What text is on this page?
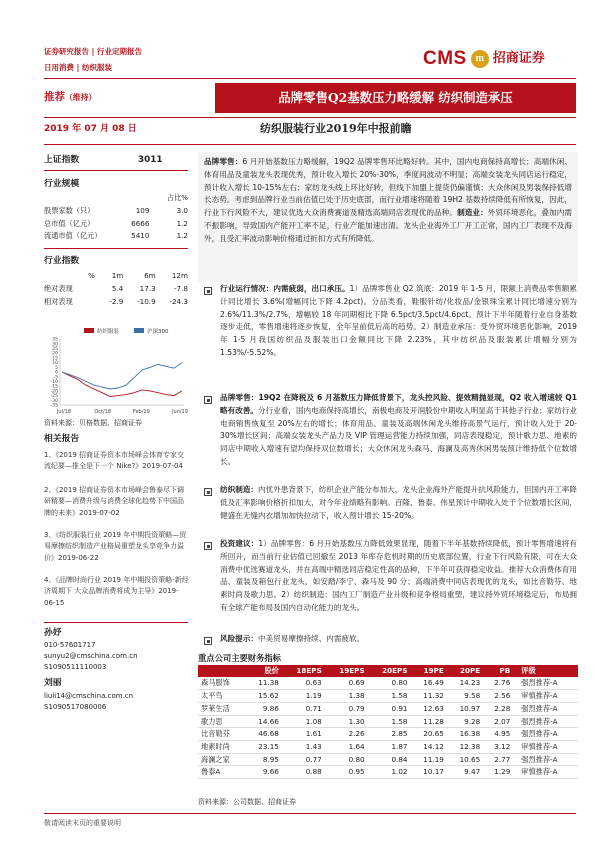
证券研究报告 | 行业定期报告
日用消费 | 纺织服装	CMS m 招商证券
推荐（维持）	品牌零售Q2基数压力略缓解 纺织制造承压
2019 年 07 月 08 日	纺织服装行业2019年中报前瞻
上证指数	3011
行业规模
		占比%
股票家数（只）	109	3.0
总市值（亿元）	6666	1.2
流通市值（亿元）	5410	1.2
行业指数
%	1m	6m	12m
绝对表现	5.4	17.3	-7.8
相对表现	-2.9	-10.9	-24.3
纺织服装	沪深300
35
30
25
20
15
10
5
0
-5
-10
-15
-20
-25
-30
-35
Jul/18	Oct/18	Feb/19	Jun/19
资料来源：贝格数据、招商证券
相关报告
1、《2019 招商证券资本市场峰会体育专家交流纪要—推全是下一个 Nike?》2019-07-04
2、《2019 招商证券资本市场峰会鲁泰尽下调研精要—消费升级与消费全球化趋势下中国品牌的未来》2019-07-02
3、《纺织服装行业 2019 年中期投资策略—贸易摩擦纺织制造产业格局重塑龙头享竞争力溢价》2019-06-22
4、《品牌时尚行业 2019 年中期投资策略-新经济周期下 大众品牌消费将成为主导》2019-06-15
孙妤
010-57601717
sunyu2@cmschina.com.cn
S1090511110003
刘丽
liuli14@cmschina.com.cn
S1090517080006
品牌零售：6 月开始基数压力略缓解，19Q2 品牌零售环比略好转。其中，国内电商保持高增长；高端休闲、体育用品及童装龙头表现优秀，预计收入增长 20%-30%，季度间波动不明显；高端女装龙头同店运行稳定，预计收入增长 10-15%左右；家纺龙头线上环比好转，但线下加盟上提货仍偏谨慎；大众休闲及男装保持低增长态势。考虑到品牌行业当前估值已处于历史底部，而行业增速将随着 19H2 基数持续降低有所恢复，因此，行业下行风险不大，建议优选大众消费赛道及精选高端同店表现优的品种。制造业：外贸环境恶化，叠加内需不振影响，导致国内产能开工率不足，行业产能加速出清。龙头企业海外工厂开工正常，国内工厂表现不及海外，且受汇率波动影响价格通过折扣方式有所降低。
行业运行情况：内需疲弱，出口承压。1）品牌零售业 Q2 筑底：2019 年 1-5 月，限额上消费品零售额累计同比增长 3.6%(增幅同比下降 4.2pct)。分品类看，鞋服针纺/化妆品/金银珠宝累计同比增速分别为 2.6%/11.3%/2.7%，增幅较 18 年同期相比下降 6.5pct/3.5pct/4.6pct。预计下半年随着行业自身基数逐步走低，零售增速将逐步恢复，全年呈前低后高的趋势。2）制造业承压：受外贸环境恶化影响，2019 年 1-5 月我国纺织品及服装出口金额同比下降 2.23%，其中纺织品及服装累计增幅分别为 1.53%/-5.52%。
品牌零售：19Q2 在降税及 6 月基数压力降低背景下，龙头控风险、提效精抛显现，Q2 收入增速较 Q1 略有改善。分行业看，国内电商保持高增长，南极电商及开润股份中期收入明显高于其他子行业；家纺行业电商销售恢复至 20%左右的增长；体育用品、童装及高端休闲龙头维持高景气运行，预计收入处于 20-30%增长区间；高端女装龙头产品力及 VIP 管理运营能力持续加强，同店表现稳定，预计歌力思、地素的同店中期收入增速有望均保持双位数增长；大众休闲龙头森马、海澜及高秀休闲男装预计维持低个位数增长。
纺织制造：内忧外患背景下，纺织企业产能分布加大，龙头企业海外产能提升抗风险能力，但国内开工率降低及汇率影响价格折扣加大，对今年业绩略有影响。百隆、鲁泰、伟星预计中期收入处于个位数增长区间，健盛在无缝内衣增加加快拉动下，收入预计增长 15-20%。
投资建议：1）品牌零售：6 月开始基数压力降低效果显现，随着下半年基数持续降低，预计零售增速将有所回升，而当前行业估值已回撤至 2013 年库存危机时期的历史底部位置，行业下行风险有限，可在大众消费中优选赛道龙头，并在高端中精选同店稳定性高的品种，下半年可获得稳定收益。推荐大众消费体育用品、童装及箱包行业龙头，如安踏/李宁、森马及 90 分；高端消费中同店表现优的龙头，如比音勒芬、地素时尚及歌力思。2）纺织制造：国内工厂制造产业升级和竞争格局重塑，建议持外贸环境稳定后，布局拥有全球产能布局及国内自动化能力的龙头。
风险提示：中美贸易摩擦持续、内需疲软。
重点公司主要财务指标
	股价	18EPS	19EPS	20EPS	19PE	20PE	PB	评级
森马服饰	11.38	0.63	0.69	0.80	16.49	14.23	2.76	强烈推荐-A
太平鸟	15.62	1.19	1.38	1.58	11.32	9.58	2.56	审慎推荐-A
罗莱生活	9.86	0.71	0.79	0.91	12.63	10.97	2.28	强烈推荐-A
歌力思	14.66	1.08	1.30	1.58	11.28	9.28	2.07	强烈推荐-A
比音勒芬	46.68	1.61	2.26	2.85	20.65	16.38	4.95	强烈推荐-A
地素时尚	23.15	1.43	1.64	1.87	14.12	12.38	3.12	审慎推荐-A
海澜之家	8.95	0.77	0.80	0.84	11.19	10.65	2.77	强烈推荐-A
鲁泰A	9.66	0.88	0.95	1.02	10.17	9.47	1.29	审慎推荐-A
资料来源：公司数据、招商证券
敬请阅读末页的重要说明
